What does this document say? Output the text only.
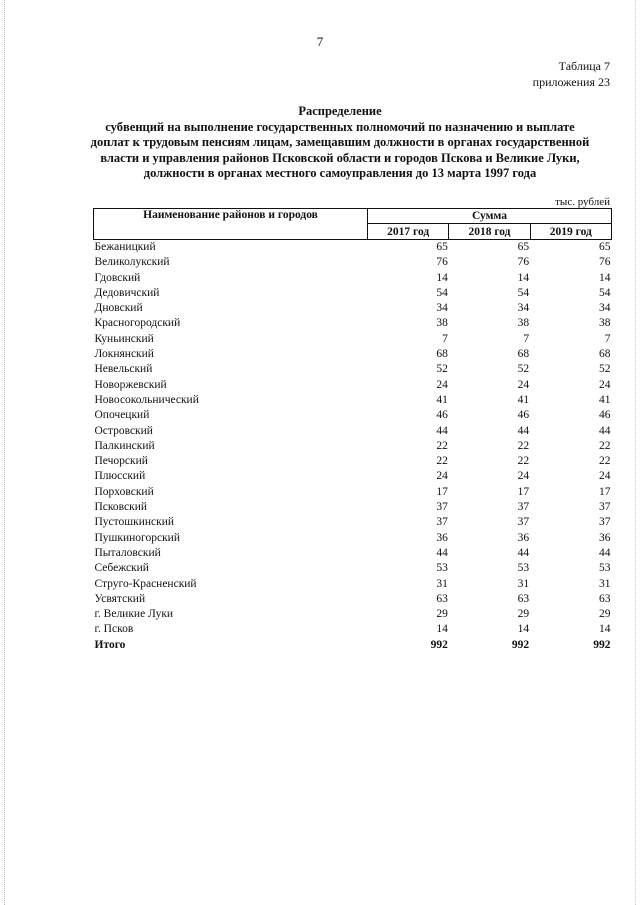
7
Таблица 7
приложения 23
Распределение
субвенций на выполнение государственных полномочий по назначению и выплате
доплат к трудовым пенсиям лицам, замещавшим должности в органах государственной
власти и управления районов Псковской области и городов Пскова и Великие Луки,
должности в органах местного самоуправления до 13 марта 1997 года
тыс. рублей
Наименование районов и городов	Сумма		
	2017 год	2018 год	2019 год
Бежаницкий	65	65	65
Великолукский	76	76	76
Гдовский	14	14	14
Дедовичский	54	54	54
Дновский	34	34	34
Красногородский	38	38	38
Куньинский	7	7	7
Локнянский	68	68	68
Невельский	52	52	52
Новоржевский	24	24	24
Новосокольнический	41	41	41
Опочецкий	46	46	46
Островский	44	44	44
Палкинский	22	22	22
Печорский	22	22	22
Плюсский	24	24	24
Порховский	17	17	17
Псковский	37	37	37
Пустошкинский	37	37	37
Пушкиногорский	36	36	36
Пыталовский	44	44	44
Себежский	53	53	53
Струго-Красненский	31	31	31
Усвятский	63	63	63
г. Великие Луки	29	29	29
г. Псков	14	14	14
Итого	992	992	992
